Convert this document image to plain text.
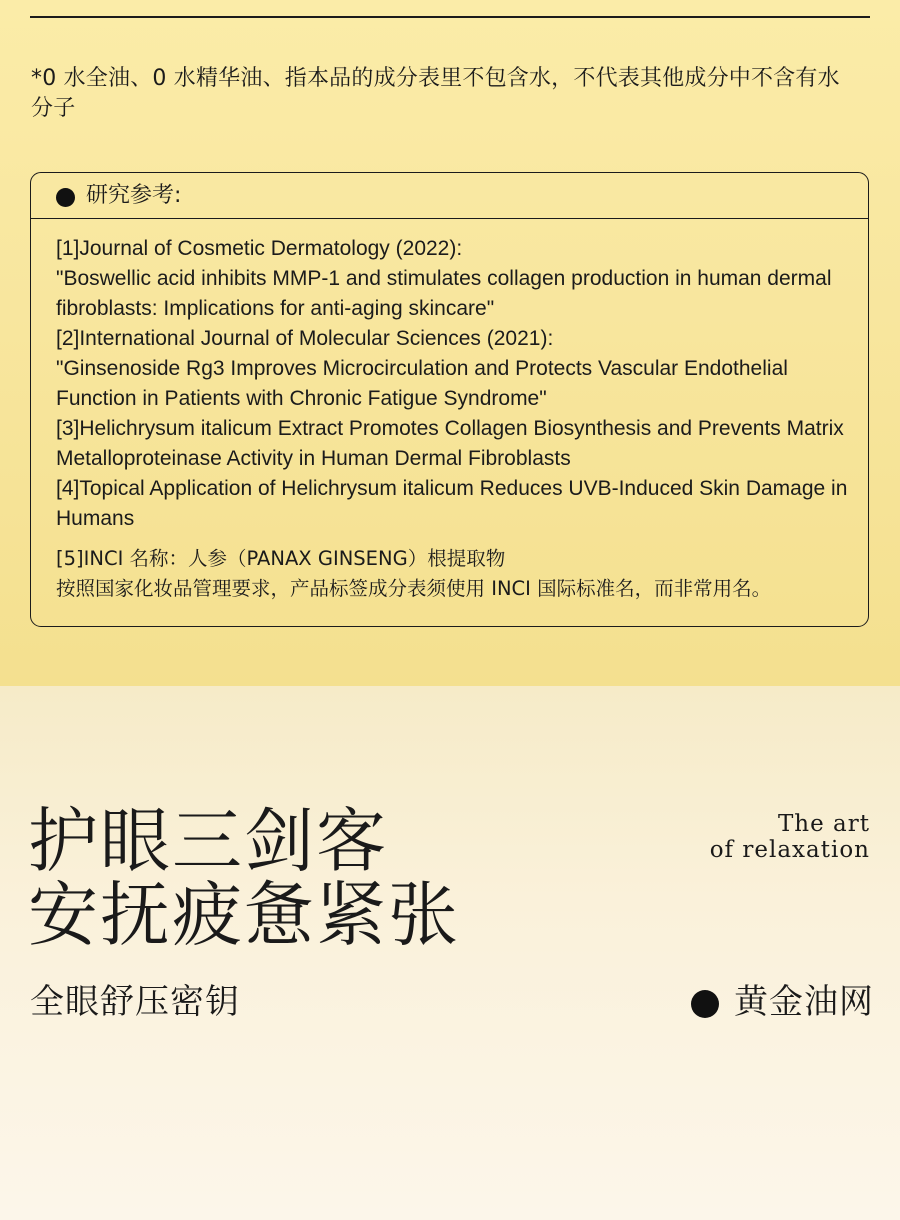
*0 水全油、0 水精华油、指本品的成分表里不包含水，不代表其他成分中不含有水分子

研究参考:

[1]Journal of Cosmetic Dermatology (2022):
"Boswellic acid inhibits MMP-1 and stimulates collagen production in human dermal fibroblasts: Implications for anti-aging skincare"
[2]International Journal of Molecular Sciences (2021):
"Ginsenoside Rg3 Improves Microcirculation and Protects Vascular Endothelial Function in Patients with Chronic Fatigue Syndrome"
[3]Helichrysum italicum Extract Promotes Collagen Biosynthesis and Prevents Matrix Metalloproteinase Activity in Human Dermal Fibroblasts
[4]Topical Application of Helichrysum italicum Reduces UVB-Induced Skin Damage in Humans

[5]INCI 名称：人参（PANAX GINSENG）根提取物
按照国家化妆品管理要求，产品标签成分表须使用 INCI 国际标准名，而非常用名。

护眼三剑客
安抚疲惫紧张

The art
of relaxation

全眼舒压密钥	黄金油网
